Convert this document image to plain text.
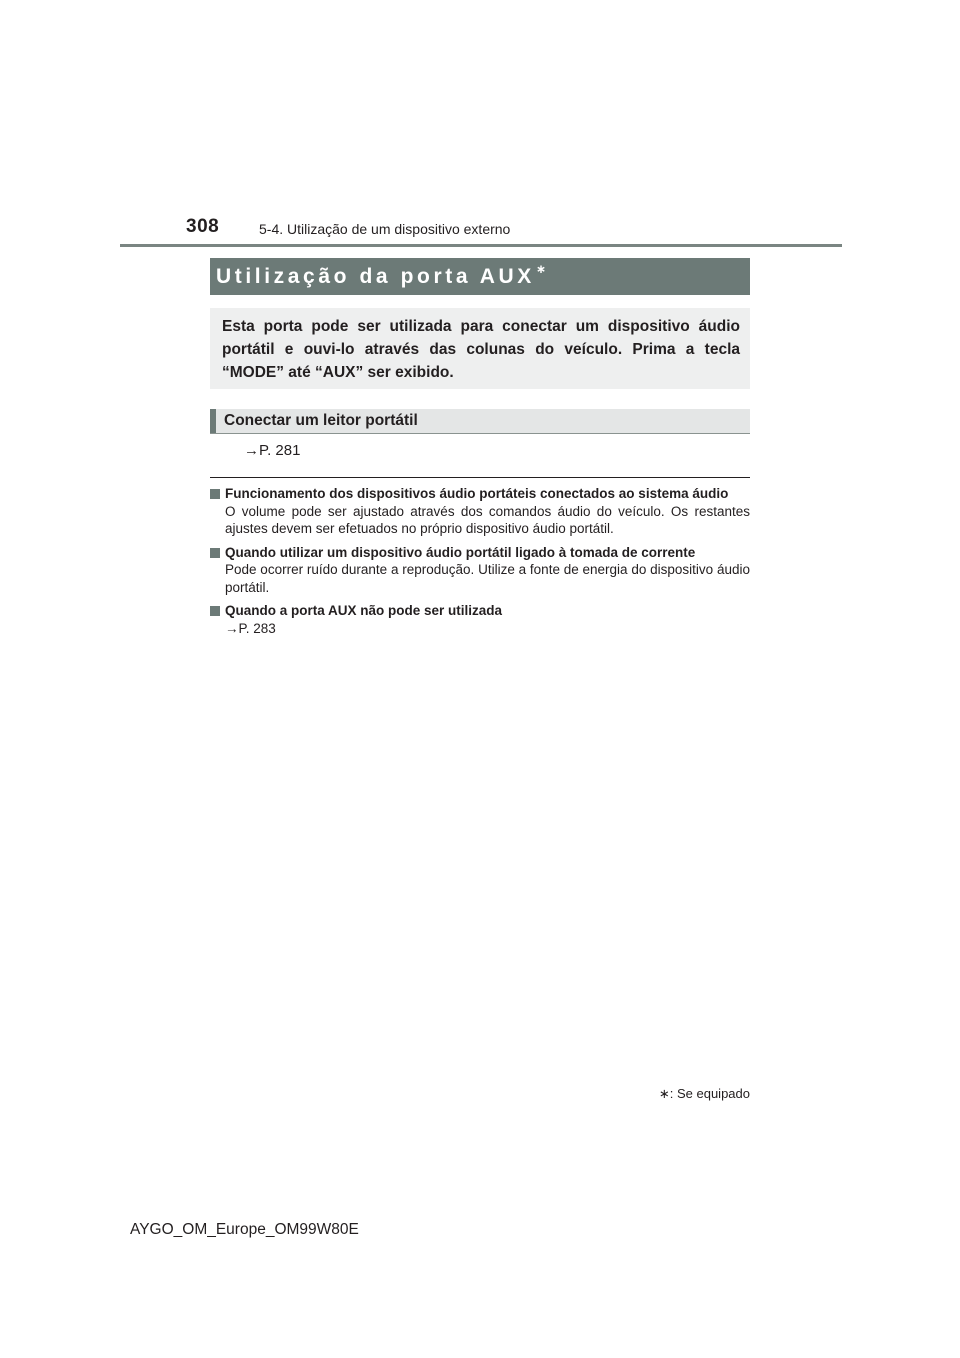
308	5-4. Utilização de um dispositivo externo
Utilização da porta AUX ∗
Esta porta pode ser utilizada para conectar um dispositivo áudio portátil e ouvi-lo através das colunas do veículo. Prima a tecla “MODE” até “AUX” ser exibido.
Conectar um leitor portátil
→P. 281
Funcionamento dos dispositivos áudio portáteis conectados ao sistema áudio
O volume pode ser ajustado através dos comandos áudio do veículo. Os restantes ajustes devem ser efetuados no próprio dispositivo áudio portátil.
Quando utilizar um dispositivo áudio portátil ligado à tomada de corrente
Pode ocorrer ruído durante a reprodução. Utilize a fonte de energia do dispositivo áudio portátil.
Quando a porta AUX não pode ser utilizada
→P. 283
∗: Se equipado
AYGO_OM_Europe_OM99W80E
